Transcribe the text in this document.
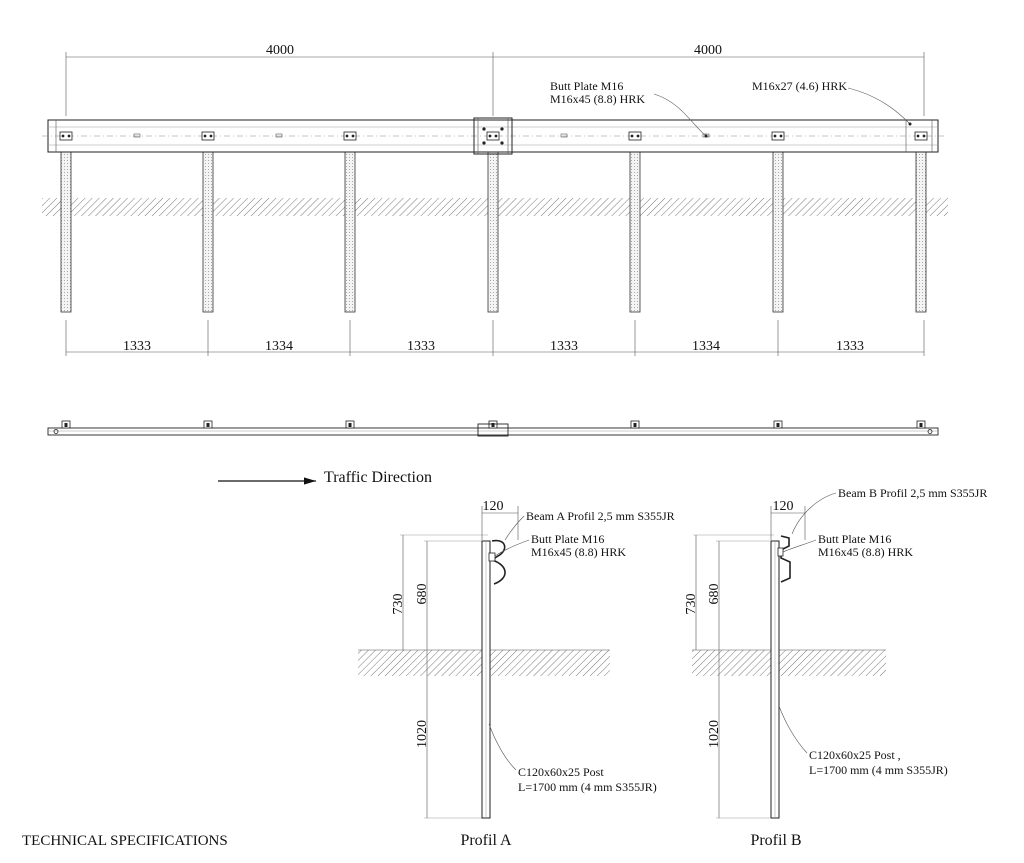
4000	4000
Butt Plate M16
M16x45 (8.8) HRK
M16x27 (4.6) HRK
1333	1334	1333	1333	1334	1333
Traffic Direction
730 680
1020
120
Beam A Profil 2,5 mm S355JR
Butt Plate M16
M16x45 (8.8) HRK
C120x60x25 Post
L=1700 mm (4 mm S355JR)
Profil A
730 680
1020
120
Beam B Profil 2,5 mm S355JR
Butt Plate M16
M16x45 (8.8) HRK
C120x60x25 Post ,
L=1700 mm (4 mm S355JR)
Profil B
TECHNICAL SPECIFICATIONS
